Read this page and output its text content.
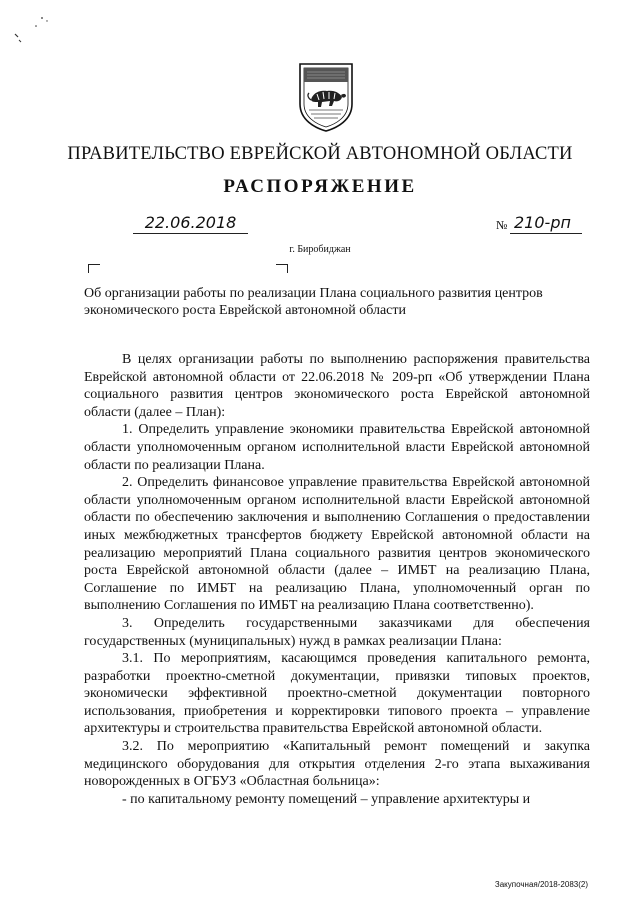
ПРАВИТЕЛЬСТВО ЕВРЕЙСКОЙ АВТОНОМНОЙ ОБЛАСТИ
РАСПОРЯЖЕНИЕ
22.06.2018	№ 210-рп
г. Биробиджан
Об организации работы по реализации Плана социального развития центров экономического роста Еврейской автономной области

В целях организации работы по выполнению распоряжения правительства Еврейской автономной области от 22.06.2018 № 209-рп «Об утверждении Плана социального развития центров экономического роста Еврейской автономной области (далее – План):

1. Определить управление экономики правительства Еврейской автономной области уполномоченным органом исполнительной власти Еврейской автономной области по реализации Плана.

2. Определить финансовое управление правительства Еврейской автономной области уполномоченным органом исполнительной власти Еврейской автономной области по обеспечению заключения и выполнению Соглашения о предоставлении иных межбюджетных трансфертов бюджету Еврейской автономной области на реализацию мероприятий Плана социального развития центров экономического роста Еврейской автономной области (далее – ИМБТ на реализацию Плана, Соглашение по ИМБТ на реализацию Плана, уполномоченный орган по выполнению Соглашения по ИМБТ на реализацию Плана соответственно).

3. Определить государственными заказчиками для обеспечения государственных (муниципальных) нужд в рамках реализации Плана:

3.1. По мероприятиям, касающимся проведения капитального ремонта, разработки проектно-сметной документации, привязки типовых проектов, экономически эффективной проектно-сметной документации повторного использования, приобретения и корректировки типового проекта – управление архитектуры и строительства правительства Еврейской автономной области.

3.2. По мероприятию «Капитальный ремонт помещений и закупка медицинского оборудования для открытия отделения 2-го этапа выхаживания новорожденных в ОГБУЗ «Областная больница»:

- по капитальному ремонту помещений – управление архитектуры и

Закупочная/2018-2083(2)
